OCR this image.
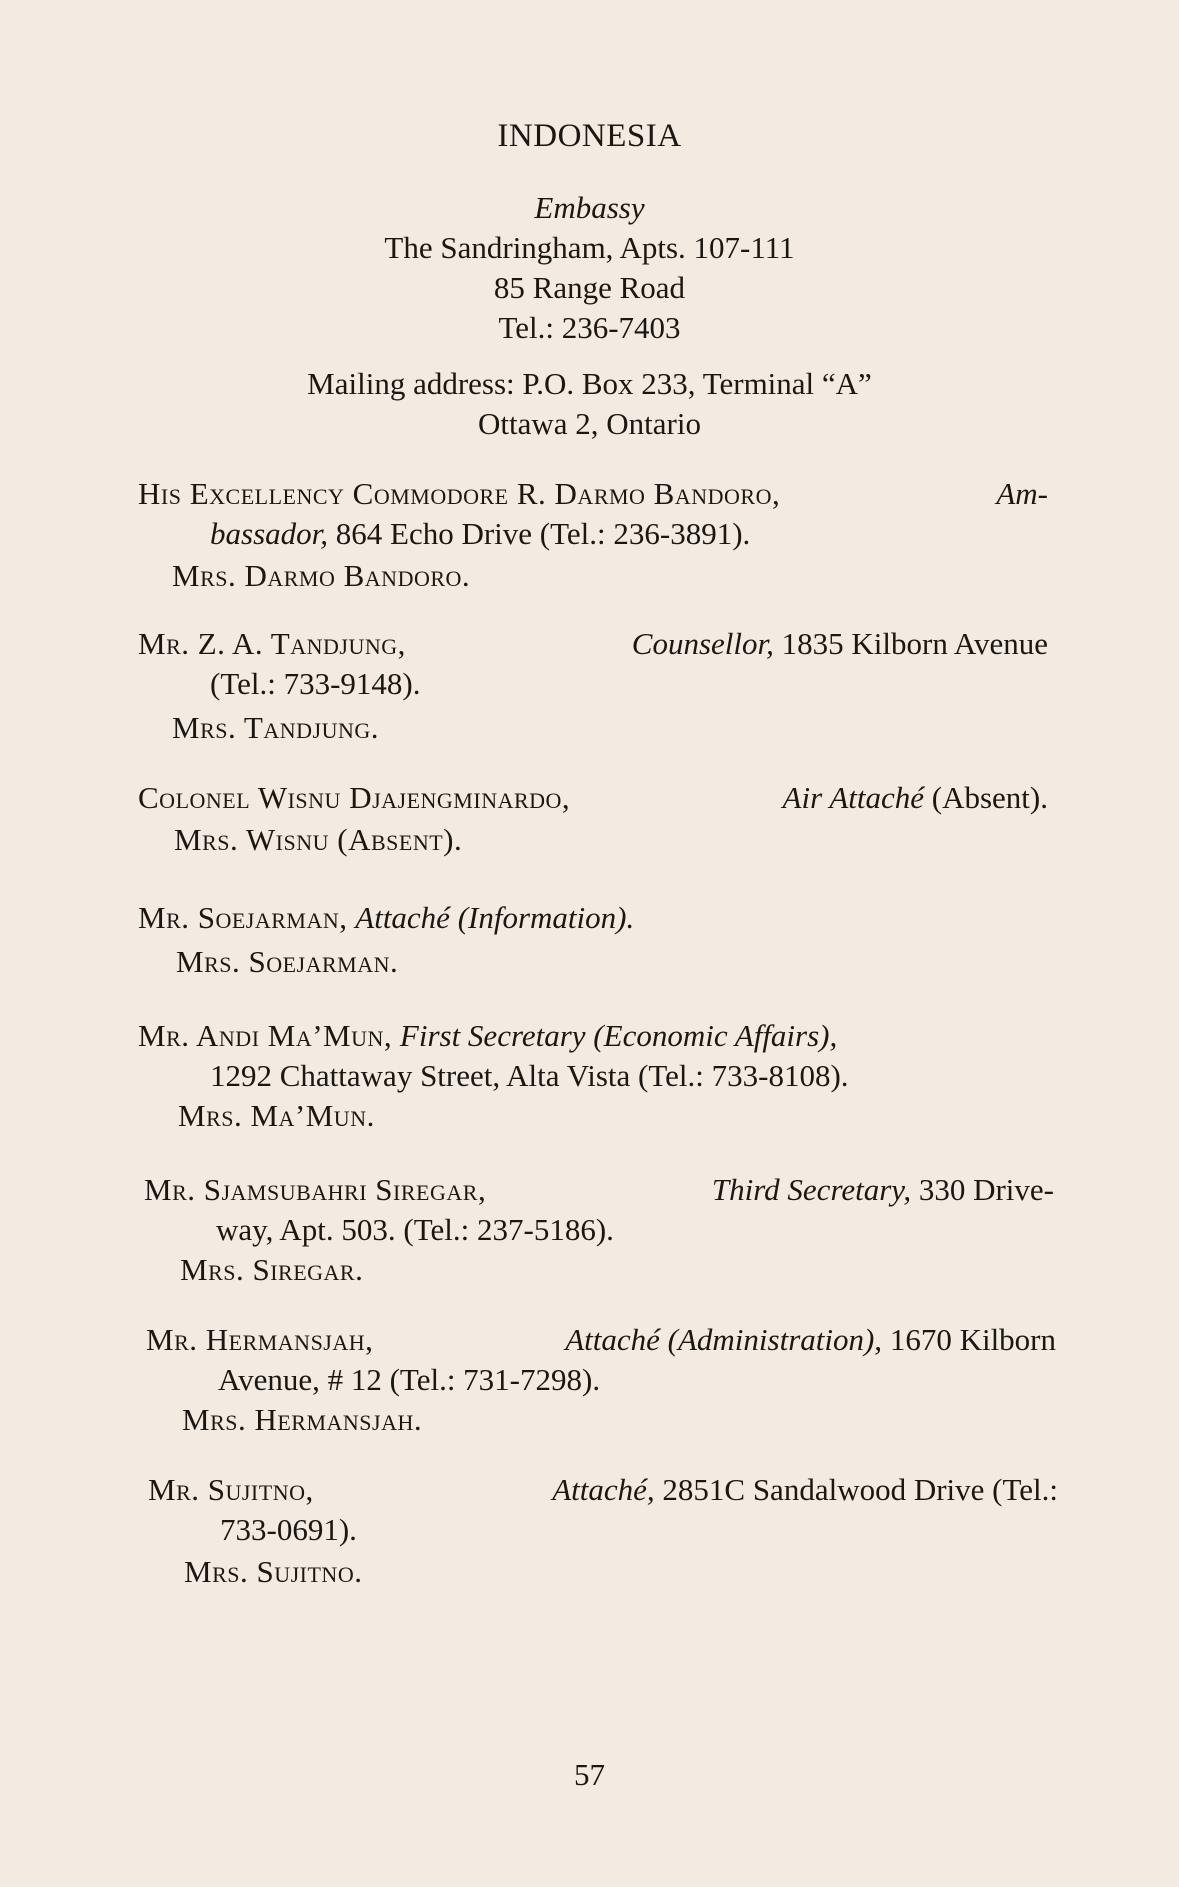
INDONESIA
Embassy
The Sandringham, Apts. 107-111
85 Range Road
Tel.: 236-7403
Mailing address: P.O. Box 233, Terminal “A”
Ottawa 2, Ontario
His Excellency Commodore R. Darmo Bandoro,	Am-
bassador, 864 Echo Drive (Tel.: 236-3891).
Mrs. Darmo Bandoro.
Mr. Z. A. Tandjung,	Counsellor, 1835 Kilborn Avenue
(Tel.: 733-9148).
Mrs. Tandjung.
Colonel Wisnu Djajengminardo,	Air Attaché (Absent).
Mrs. Wisnu (Absent).
Mr. Soejarman, Attaché (Information).
Mrs. Soejarman.
Mr. Andi Ma’Mun, First Secretary (Economic Affairs),
1292 Chattaway Street, Alta Vista (Tel.: 733-8108).
Mrs. Ma’Mun.
Mr. Sjamsubahri Siregar,	Third Secretary, 330 Drive-
way, Apt. 503. (Tel.: 237-5186).
Mrs. Siregar.
Mr. Hermansjah,	Attaché (Administration), 1670 Kilborn
Avenue, # 12 (Tel.: 731-7298).
Mrs. Hermansjah.
Mr. Sujitno,	Attaché, 2851C Sandalwood Drive (Tel.:
733-0691).
Mrs. Sujitno.
57
